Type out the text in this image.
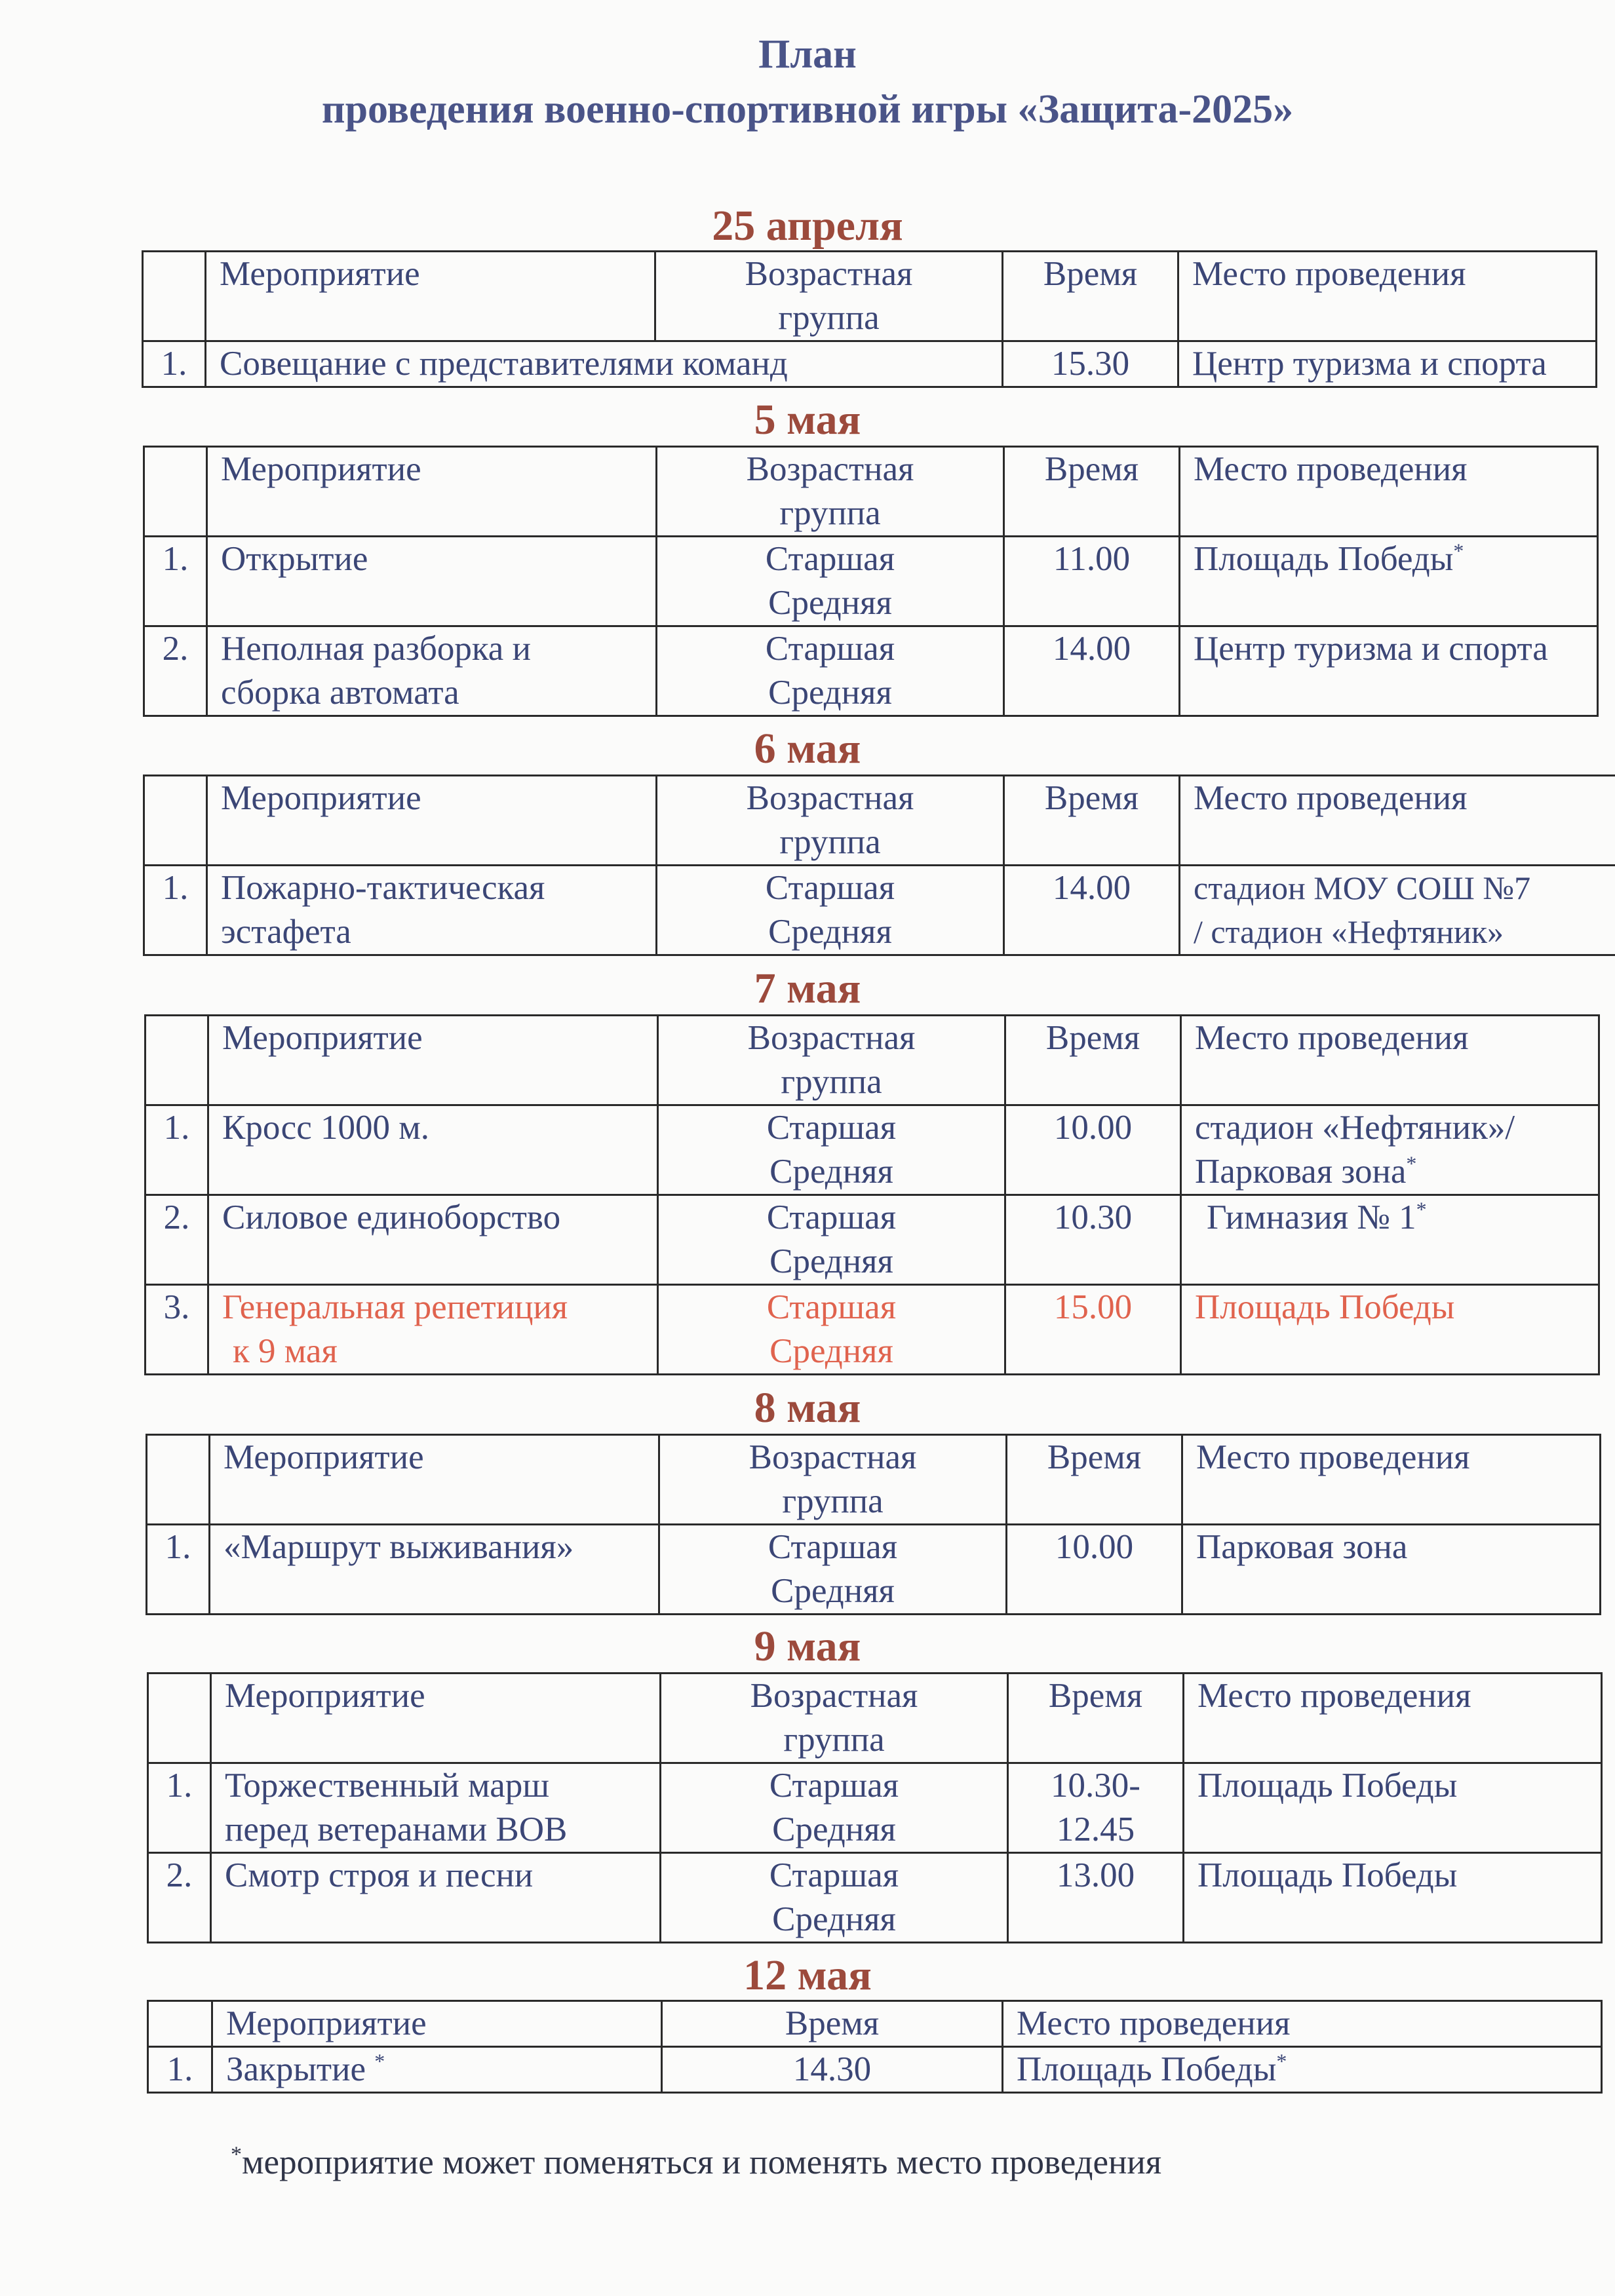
План
проведения военно-спортивной игры «Защита-2025»
25 апреля
	Мероприятие	Возрастная
группа	Время	Место проведения
1.	Совещание с представителями команд		15.30	Центр туризма и спорта
5 мая
	Мероприятие	Возрастная
группа	Время	Место проведения
1.	Открытие	Старшая
Средняя	11.00	Площадь Победы*
2.	Неполная разборка и
сборка автомата	Старшая
Средняя	14.00	Центр туризма и спорта
6 мая
	Мероприятие	Возрастная
группа	Время	Место проведения
1.	Пожарно-тактическая
эстафета	Старшая
Средняя	14.00	стадион МОУ СОШ №7
/ стадион «Нефтяник»
7 мая
	Мероприятие	Возрастная
группа	Время	Место проведения
1.	Кросс 1000 м.	Старшая
Средняя	10.00	стадион «Нефтяник»/
Парковая зона*

2.	Силовое единоборство	Старшая
Средняя	10.30	Гимназия № 1*
3.	Генеральная репетиция
к 9 мая	Старшая
Средняя	15.00	Площадь Победы
8 мая
	Мероприятие	Возрастная
группа	Время	Место проведения
1.	«Маршрут выживания»	Старшая
Средняя	10.00	Парковая зона
9 мая
	Мероприятие	Возрастная
группа	Время	Место проведения
1.	Торжественный марш
перед ветеранами ВОВ	Старшая
Средняя	10.30-
12.45	Площадь Победы
2.	Смотр строя и песни	Старшая
Средняя	13.00	Площадь Победы
12 мая
	Мероприятие	Время	Место проведения
1.	Закрытие *	14.30	Площадь Победы*
*мероприятие может поменяться и поменять место проведения
